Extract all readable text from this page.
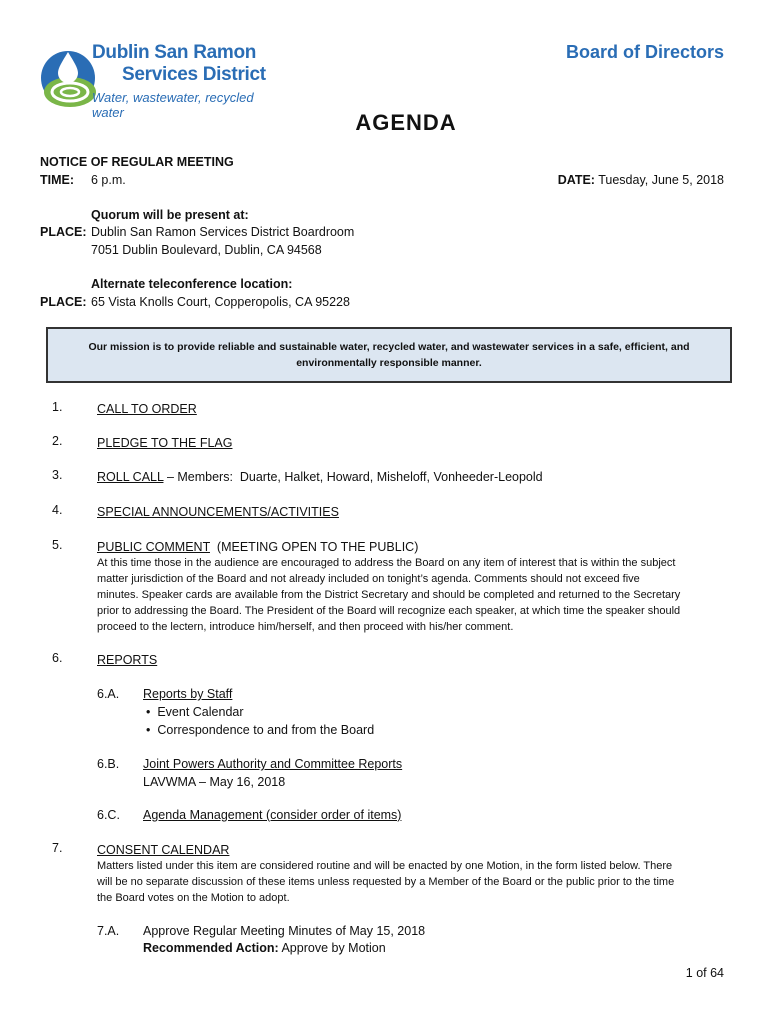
Dublin San Ramon
Services District
Water, wastewater, recycled water
Board of Directors
AGENDA
NOTICE OF REGULAR MEETING
TIME: 6 p.m.	DATE: Tuesday, June 5, 2018
Quorum will be present at:
PLACE: Dublin San Ramon Services District Boardroom
7051 Dublin Boulevard, Dublin, CA 94568
Alternate teleconference location:
PLACE: 65 Vista Knolls Court, Copperopolis, CA 95228
Our mission is to provide reliable and sustainable water, recycled water, and wastewater services in a safe, efficient, and environmentally responsible manner.
1.	CALL TO ORDER
2.	PLEDGE TO THE FLAG
3.	ROLL CALL – Members:  Duarte, Halket, Howard, Misheloff, Vonheeder-Leopold
4.	SPECIAL ANNOUNCEMENTS/ACTIVITIES
5.	PUBLIC COMMENT  (MEETING OPEN TO THE PUBLIC)
At this time those in the audience are encouraged to address the Board on any item of interest that is within the subject
matter jurisdiction of the Board and not already included on tonight’s agenda. Comments should not exceed five
minutes. Speaker cards are available from the District Secretary and should be completed and returned to the Secretary
prior to addressing the Board. The President of the Board will recognize each speaker, at which time the speaker should
proceed to the lectern, introduce him/herself, and then proceed with his/her comment.
6.	REPORTS
6.A. Reports by Staff
• Event Calendar
• Correspondence to and from the Board
6.B. Joint Powers Authority and Committee Reports
LAVWMA – May 16, 2018
6.C. Agenda Management (consider order of items)
7.	CONSENT CALENDAR
Matters listed under this item are considered routine and will be enacted by one Motion, in the form listed below. There
will be no separate discussion of these items unless requested by a Member of the Board or the public prior to the time
the Board votes on the Motion to adopt.
7.A. Approve Regular Meeting Minutes of May 15, 2018
Recommended Action: Approve by Motion
1 of 64
